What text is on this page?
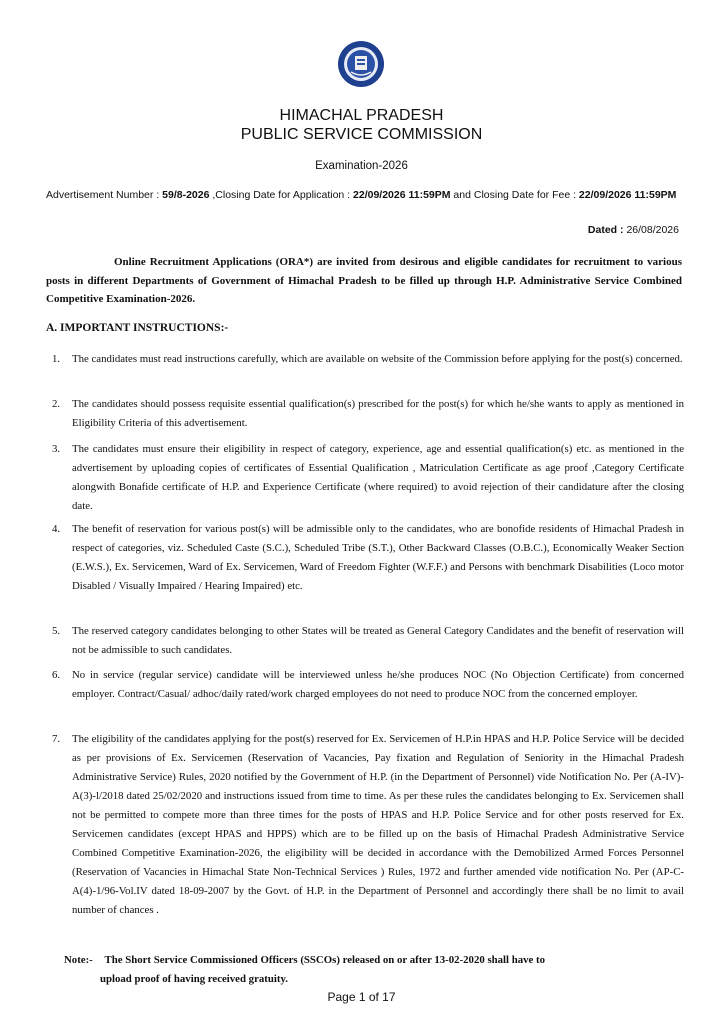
HIMACHAL PRADESH
PUBLIC SERVICE COMMISSION
Examination-2026
Advertisement Number : 59/8-2026 ,Closing Date for Application : 22/09/2026 11:59PM and Closing Date for Fee : 22/09/2026 11:59PM
Dated : 26/08/2026
Online Recruitment Applications (ORA*) are invited from desirous and eligible candidates for recruitment to various posts in different Departments of Government of Himachal Pradesh to be filled up through H.P. Administrative Service Combined Competitive Examination-2026.
A. IMPORTANT INSTRUCTIONS:-
1.	The candidates must read instructions carefully, which are available on website of the Commission before applying for the post(s) concerned.
2.	The candidates should possess requisite essential qualification(s) prescribed for the post(s) for which he/she wants to apply as mentioned in Eligibility Criteria of this advertisement.
3.	The candidates must ensure their eligibility in respect of category, experience, age and essential qualification(s) etc. as mentioned in the advertisement by uploading copies of certificates of Essential Qualification , Matriculation Certificate as age proof ,Category Certificate alongwith Bonafide certificate of H.P. and Experience Certificate (where required) to avoid rejection of their candidature after the closing date.
4.	The benefit of reservation for various post(s) will be admissible only to the candidates, who are bonofide residents of Himachal Pradesh in respect of categories, viz. Scheduled Caste (S.C.), Scheduled Tribe (S.T.), Other Backward Classes (O.B.C.), Economically Weaker Section (E.W.S.), Ex. Servicemen, Ward of Ex. Servicemen, Ward of Freedom Fighter (W.F.F.) and Persons with benchmark Disabilities (Loco motor Disabled / Visually Impaired / Hearing Impaired) etc.
5.	The reserved category candidates belonging to other States will be treated as General Category Candidates and the benefit of reservation will not be admissible to such candidates.
6.	No in service (regular service) candidate will be interviewed unless he/she produces NOC (No Objection Certificate) from concerned employer. Contract/Casual/ adhoc/daily rated/work charged employees do not need to produce NOC from the concerned employer.
7.	The eligibility of the candidates applying for the post(s) reserved for Ex. Servicemen of H.P.in HPAS and H.P. Police Service will be decided as per provisions of Ex. Servicemen (Reservation of Vacancies, Pay fixation and Regulation of Seniority in the Himachal Pradesh Administrative Service) Rules, 2020 notified by the Government of H.P. (in the Department of Personnel) vide Notification No. Per (A-IV)-A(3)-l/2018 dated 25/02/2020 and instructions issued from time to time. As per these rules the candidates belonging to Ex. Servicemen shall not be permitted to compete more than three times for the posts of HPAS and H.P. Police Service and for other posts reserved for Ex. Servicemen candidates (except HPAS and HPPS) which are to be filled up on the basis of Himachal Pradesh Administrative Service Combined Competitive Examination-2026, the eligibility will be decided in accordance with the Demobilized Armed Forces Personnel (Reservation of Vacancies in Himachal State Non-Technical Services ) Rules, 1972 and further amended vide notification No. Per (AP-C-A(4)-1/96-Vol.IV dated 18-09-2007 by the Govt. of H.P. in the Department of Personnel and accordingly there shall be no limit to avail number of chances .
Note:- The Short Service Commissioned Officers (SSCOs) released on or after 13-02-2020 shall have to
upload proof of having received gratuity.
Page 1 of 17
